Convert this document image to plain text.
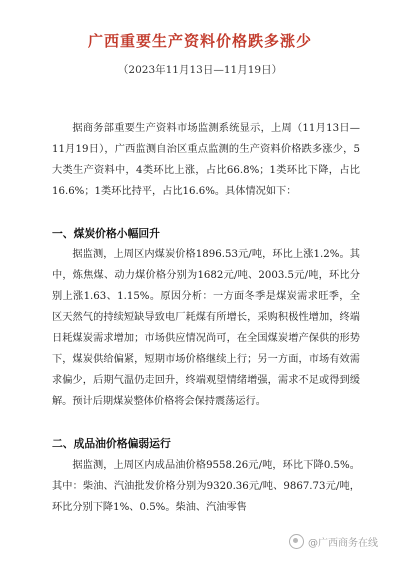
广西重要生产资料价格跌多涨少
（2023年11月13日—11月19日）
据商务部重要生产资料市场监测系统显示，上周（11月13日—11月19日），广西监测自治区重点监测的生产资料价格跌多涨少，5大类生产资料中，4类环比上涨，占比66.8%；1类环比下降，占比16.6%；1类环比持平，占比16.6%。具体情况如下：
一、煤炭价格小幅回升
据监测，上周区内煤炭价格1896.53元/吨，环比上涨1.2%。其中，炼焦煤、动力煤价格分别为1682元/吨、2003.5元/吨，环比分别上涨1.63、1.15%。原因分析：一方面冬季是煤炭需求旺季，全区天然气的持续短缺导致电厂耗煤有所增长，采购积极性增加，终端日耗煤炭需求增加；市场供应情况尚可，在全国煤炭增产保供的形势下，煤炭供给偏紧，短期市场价格继续上行；另一方面，市场有效需求偏少，后期气温仍走回升，终端观望情绪增强，需求不足或得到缓解。预计后期煤炭整体价格将会保持震荡运行。
二、成品油价格偏弱运行
据监测，上周区内成品油价格9558.26元/吨，环比下降0.5%。其中：柴油、汽油批发价格分别为9320.36元/吨、9867.73元/吨，环比分别下降1%、0.5%。柴油、汽油零售
@广西商务在线
